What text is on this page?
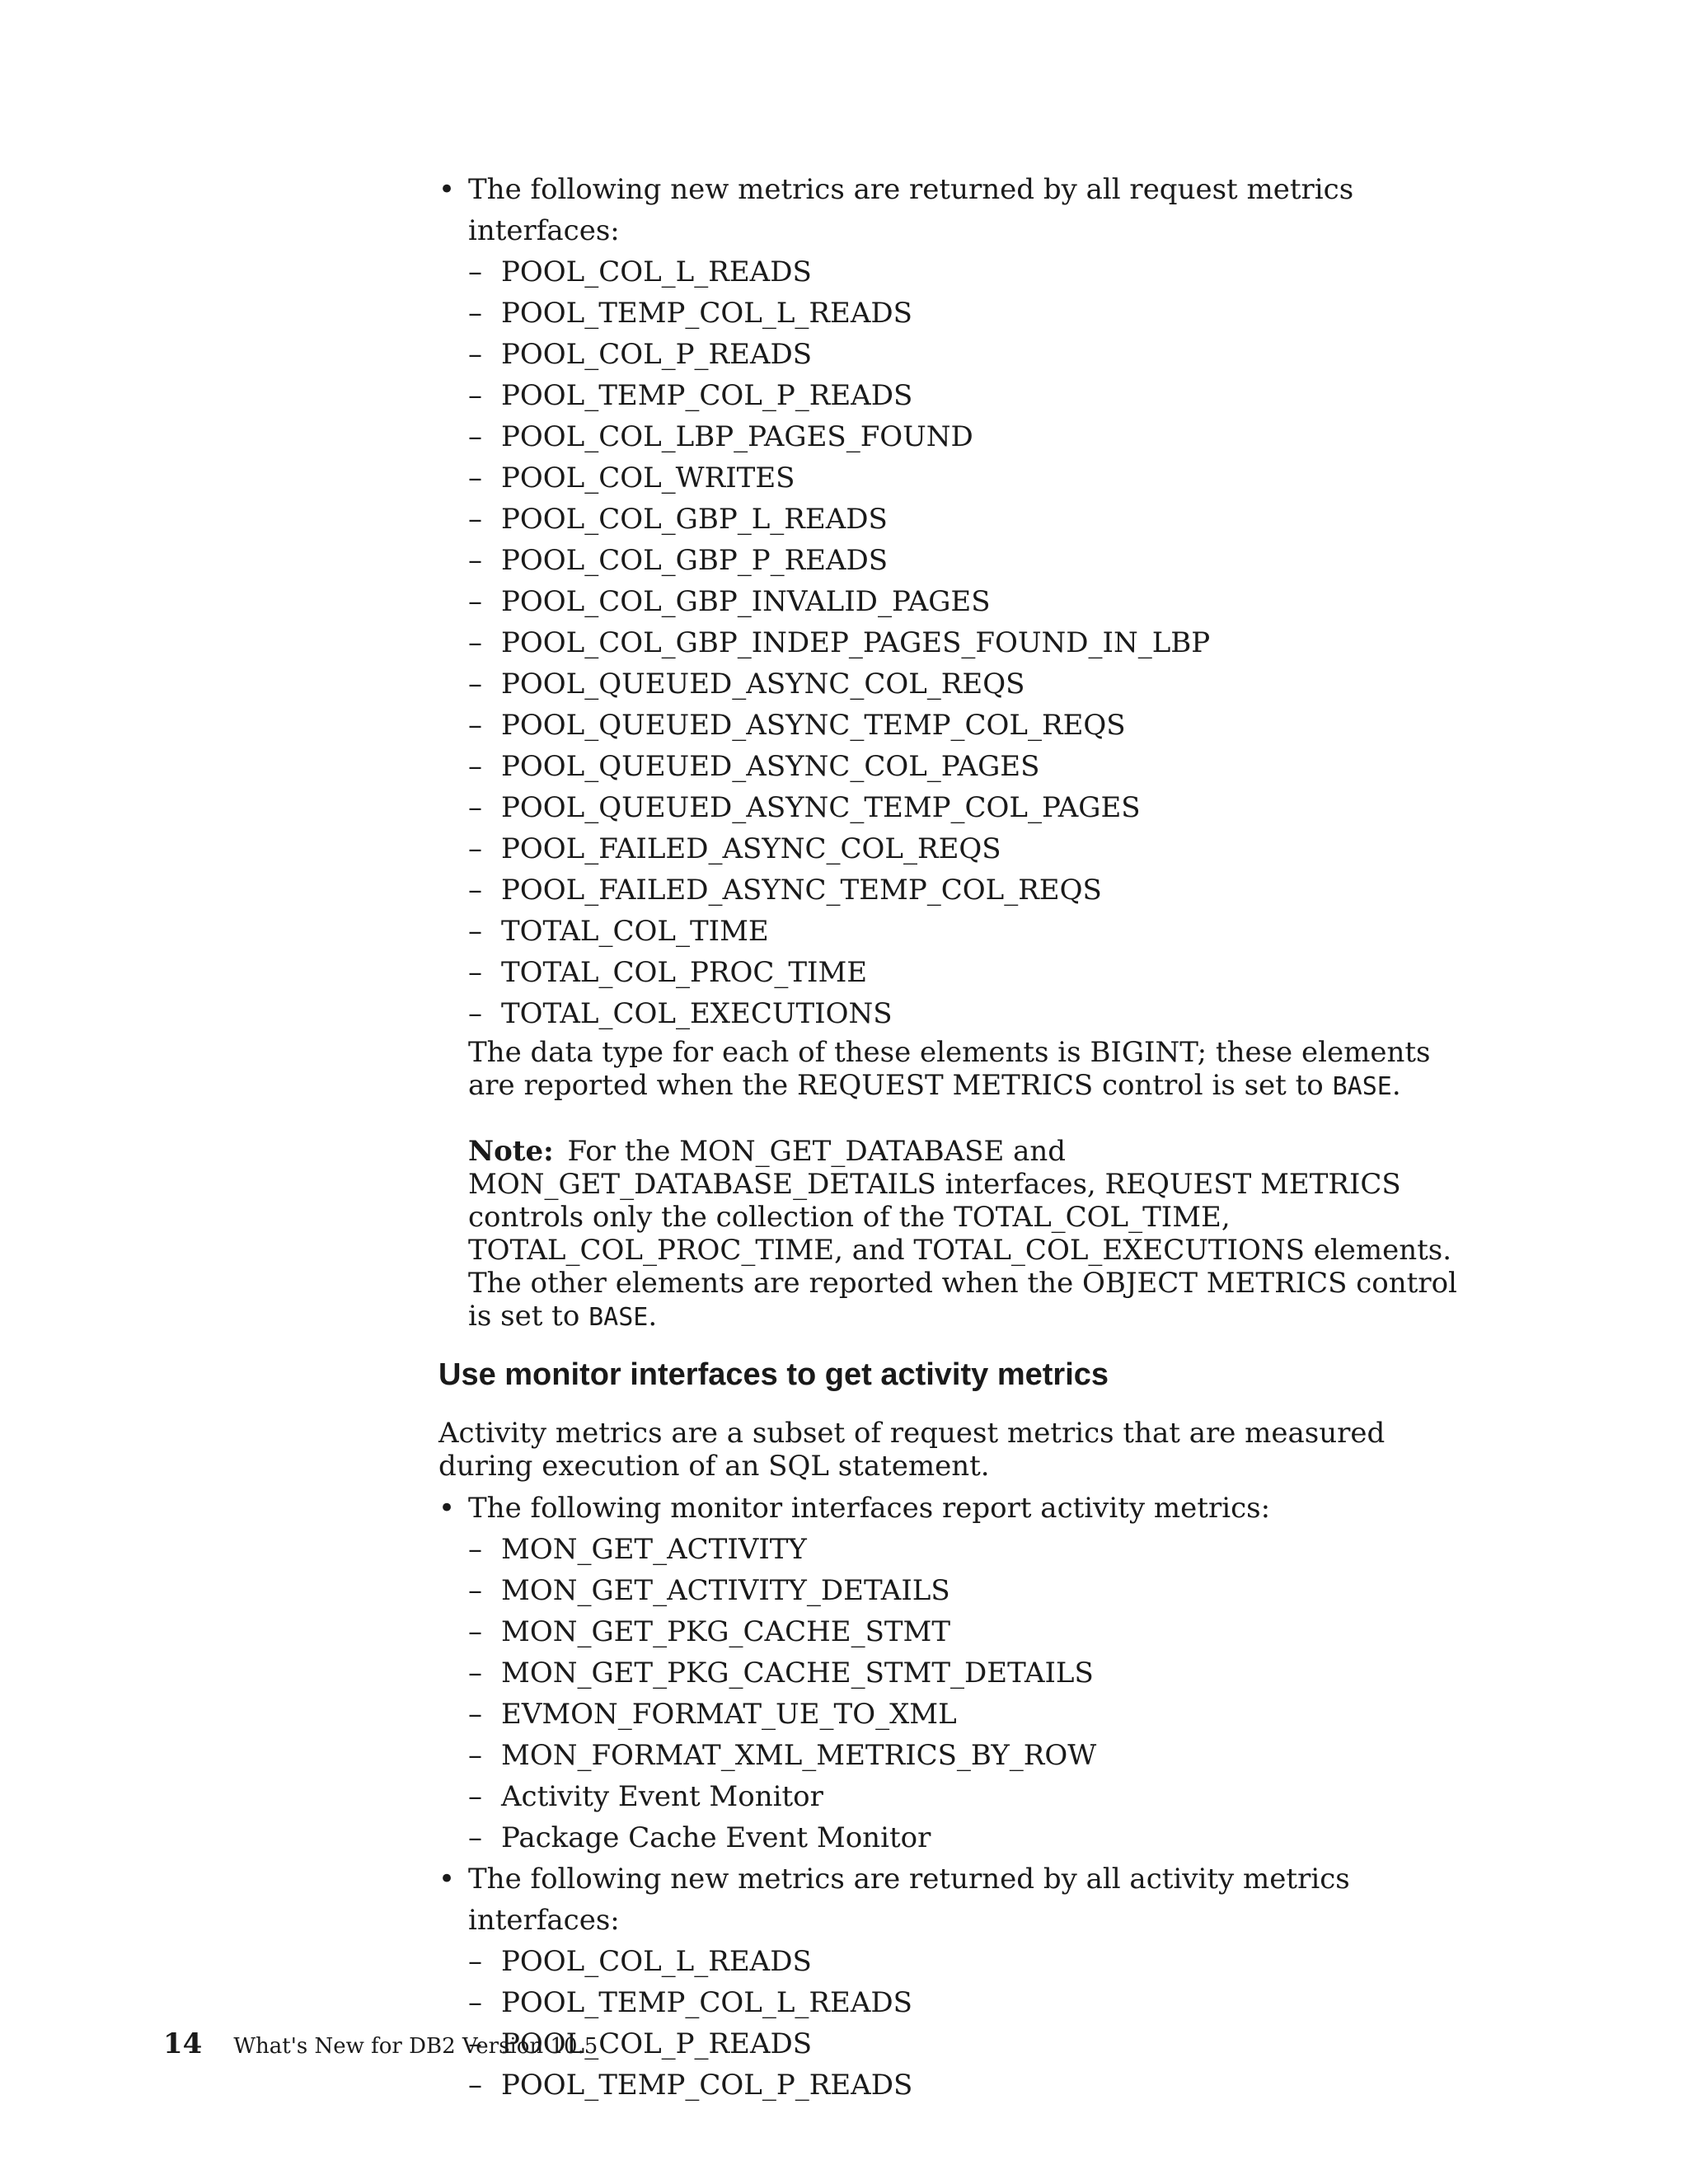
• The following new metrics are returned by all request metrics interfaces:
– POOL_COL_L_READS
– POOL_TEMP_COL_L_READS
– POOL_COL_P_READS
– POOL_TEMP_COL_P_READS
– POOL_COL_LBP_PAGES_FOUND
– POOL_COL_WRITES
– POOL_COL_GBP_L_READS
– POOL_COL_GBP_P_READS
– POOL_COL_GBP_INVALID_PAGES
– POOL_COL_GBP_INDEP_PAGES_FOUND_IN_LBP
– POOL_QUEUED_ASYNC_COL_REQS
– POOL_QUEUED_ASYNC_TEMP_COL_REQS
– POOL_QUEUED_ASYNC_COL_PAGES
– POOL_QUEUED_ASYNC_TEMP_COL_PAGES
– POOL_FAILED_ASYNC_COL_REQS
– POOL_FAILED_ASYNC_TEMP_COL_REQS
– TOTAL_COL_TIME
– TOTAL_COL_PROC_TIME
– TOTAL_COL_EXECUTIONS
The data type for each of these elements is BIGINT; these elements are reported when the REQUEST METRICS control is set to BASE.
Note: For the MON_GET_DATABASE and MON_GET_DATABASE_DETAILS interfaces, REQUEST METRICS controls only the collection of the TOTAL_COL_TIME, TOTAL_COL_PROC_TIME, and TOTAL_COL_EXECUTIONS elements. The other elements are reported when the OBJECT METRICS control is set to BASE.
Use monitor interfaces to get activity metrics
Activity metrics are a subset of request metrics that are measured during execution of an SQL statement.
• The following monitor interfaces report activity metrics:
– MON_GET_ACTIVITY
– MON_GET_ACTIVITY_DETAILS
– MON_GET_PKG_CACHE_STMT
– MON_GET_PKG_CACHE_STMT_DETAILS
– EVMON_FORMAT_UE_TO_XML
– MON_FORMAT_XML_METRICS_BY_ROW
– Activity Event Monitor
– Package Cache Event Monitor
• The following new metrics are returned by all activity metrics interfaces:
– POOL_COL_L_READS
– POOL_TEMP_COL_L_READS
– POOL_COL_P_READS
– POOL_TEMP_COL_P_READS
14 What's New for DB2 Version 10.5
